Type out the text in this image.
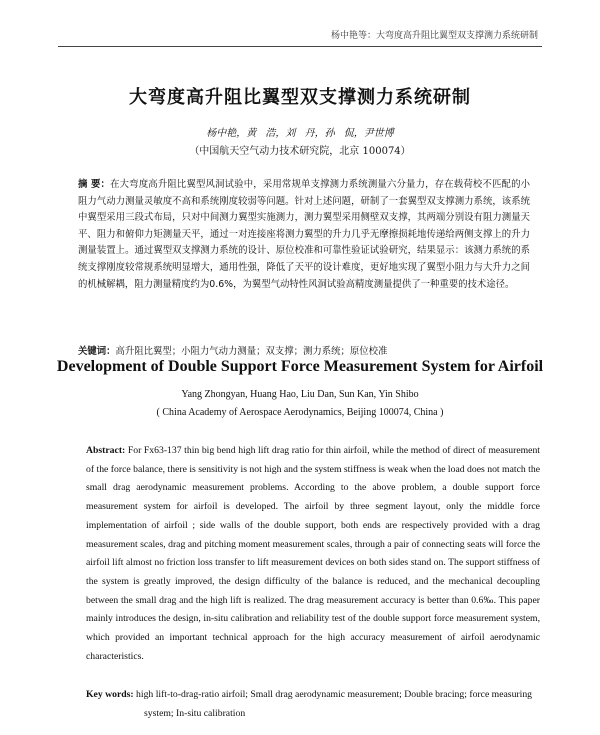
杨中艳等：大弯度高升阻比翼型双支撑测力系统研制
大弯度高升阻比翼型双支撑测力系统研制
杨中艳，黄 浩，刘 丹，孙 侃，尹世博
（中国航天空气动力技术研究院，北京 100074）

摘 要：在大弯度高升阻比翼型风洞试验中，采用常规单支撑测力系统测量六分量力，存在载荷校不匹配的小阻力气动力测量灵敏度不高和系统刚度较弱等问题。针对上述问题，研制了一套翼型双支撑测力系统，该系统中翼型采用三段式布局，只对中间测力翼型实施测力，测力翼型采用侧壁双支撑，其两端分别设有阻力测量天平、阻力和俯仰力矩测量天平，通过一对连接座将测力翼型的升力几乎无摩擦损耗地传递给两侧支撑上的升力测量装置上。通过翼型双支撑测力系统的设计、原位校准和可靠性验证试验研究，结果显示：该测力系统的系统支撑刚度较常规系统明显增大，通用性强，降低了天平的设计难度，更好地实现了翼型小阻力与大升力之间的机械解耦，阻力测量精度约为0.6%，为翼型气动特性风洞试验高精度测量提供了一种重要的技术途径。

关键词：高升阻比翼型；小阻力气动力测量；双支撑；测力系统；原位校准

Development of Double Support Force Measurement System for Airfoil
Yang Zhongyan, Huang Hao, Liu Dan, Sun Kan, Yin Shibo
( China Academy of Aerospace Aerodynamics, Beijing 100074, China )

Abstract: For Fx63-137 thin big bend high lift drag ratio for thin airfoil, while the method of direct of measurement of the force balance, there is sensitivity is not high and the system stiffness is weak when the load does not match the small drag aerodynamic measurement problems. According to the above problem, a double support force measurement system for airfoil is developed. The airfoil by three segment layout, only the middle force implementation of airfoil ; side walls of the double support, both ends are respectively provided with a drag measurement scales, drag and pitching moment measurement scales, through a pair of connecting seats will force the airfoil lift almost no friction loss transfer to lift measurement devices on both sides stand on. The support stiffness of the system is greatly improved, the design difficulty of the balance is reduced, and the mechanical decoupling between the small drag and the high lift is realized. The drag measurement accuracy is better than 0.6‰. This paper mainly introduces the design, in-situ calibration and reliability test of the double support force measurement system, which provided an important technical approach for the high accuracy measurement of airfoil aerodynamic characteristics.

Key words: high lift-to-drag-ratio airfoil; Small drag aerodynamic measurement; Double bracing; force measuring system; In-situ calibration
